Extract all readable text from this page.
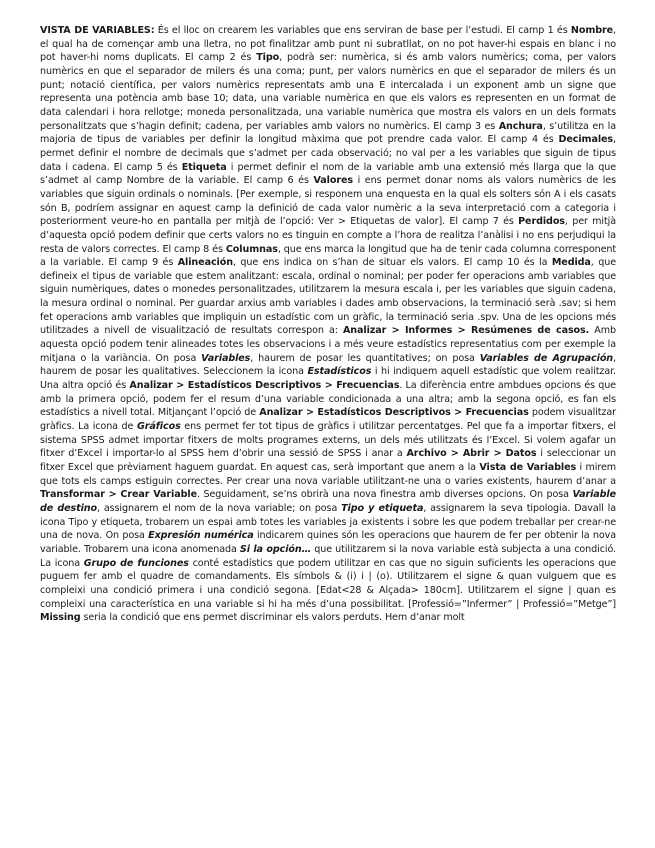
VISTA DE VARIABLES: És el lloc on crearem les variables que ens serviran de base per l’estudi. El camp 1 és Nombre, el qual ha de començar amb una lletra, no pot finalitzar amb punt ni subratllat, on no pot haver-hi espais en blanc i no pot haver-hi noms duplicats. El camp 2 és Tipo, podrà ser: numèrica, si és amb valors numèrics; coma, per valors numèrics en que el separador de milers és una coma; punt, per valors numèrics en que el separador de milers és un punt; notació científica, per valors numèrics representats amb una E intercalada i un exponent amb un signe que representa una potència amb base 10; data, una variable numèrica en que els valors es representen en un format de data calendari i hora rellotge; moneda personalitzada, una variable numèrica que mostra els valors en un dels formats personalitzats que s’hagin definit; cadena, per variables amb valors no numèrics. El camp 3 es Anchura, s’utilitza en la majoria de tipus de variables per definir la longitud màxima que pot prendre cada valor. El camp 4 és Decimales, permet definir el nombre de decimals que s’admet per cada observació; no val per a les variables que siguin de tipus data i cadena. El camp 5 és Etiqueta i permet definir el nom de la variable amb una extensió més llarga que la que s’admet al camp Nombre de la variable. El camp 6 és Valores i ens permet donar noms als valors numèrics de les variables que siguin ordinals o nominals. [Per exemple, si responem una enquesta en la qual els solters són A i els casats són B, podríem assignar en aquest camp la definició de cada valor numèric a la seva interpretació com a categoria i posteriorment veure-ho en pantalla per mitjà de l’opció: Ver > Etiquetas de valor]. El camp 7 és Perdidos, per mitjà d’aquesta opció podem definir que certs valors no es tinguin en compte a l’hora de realitza l’anàlisi i no ens perjudiqui la resta de valors correctes. El camp 8 és Columnas, que ens marca la longitud que ha de tenir cada columna corresponent a la variable. El camp 9 és Alineación, que ens indica on s’han de situar els valors. El camp 10 és la Medida, que defineix el tipus de variable que estem analitzant: escala, ordinal o nominal; per poder fer operacions amb variables que siguin numèriques, dates o monedes personalitzades, utilitzarem la mesura escala i, per les variables que siguin cadena, la mesura ordinal o nominal. Per guardar arxius amb variables i dades amb observacions, la terminació serà .sav; si hem fet operacions amb variables que impliquin un estadístic com un gràfic, la terminació seria .spv. Una de les opcions més utilitzades a nivell de visualització de resultats correspon a: Analizar > Informes > Resúmenes de casos. Amb aquesta opció podem tenir alineades totes les observacions i a més veure estadístics representatius com per exemple la mitjana o la variància. On posa Variables, haurem de posar les quantitatives; on posa Variables de Agrupación, haurem de posar les qualitatives. Seleccionem la icona Estadísticos i hi indiquem aquell estadístic que volem realitzar. Una altra opció és Analizar > Estadísticos Descriptivos > Frecuencias. La diferència entre ambdues opcions és que amb la primera opció, podem fer el resum d’una variable condicionada a una altra; amb la segona opció, es fan els estadístics a nivell total. Mitjançant l’opció de Analizar > Estadísticos Descriptivos > Frecuencias podem visualitzar gràfics. La icona de Gráficos ens permet fer tot tipus de gràfics i utilitzar percentatges. Pel que fa a importar fitxers, el sistema SPSS admet importar fitxers de molts programes externs, un dels més utilitzats és l’Excel. Si volem agafar un fitxer d’Excel i importar-lo al SPSS hem d’obrir una sessió de SPSS i anar a Archivo > Abrir > Datos i seleccionar un fitxer Excel que prèviament haguem guardat. En aquest cas, serà important que anem a la Vista de Variables i mirem que tots els camps estiguin correctes. Per crear una nova variable utilitzant-ne una o varies existents, haurem d’anar a Transformar > Crear Variable. Seguidament, se’ns obrirà una nova finestra amb diverses opcions. On posa Variable de destino, assignarem el nom de la nova variable; on posa Tipo y etiqueta, assignarem la seva tipologia. Davall la icona Tipo y etiqueta, trobarem un espai amb totes les variables ja existents i sobre les que podem treballar per crear-ne una de nova. On posa Expresión numérica indicarem quines són les operacions que haurem de fer per obtenir la nova variable. Trobarem una icona anomenada Si la opción… que utilitzarem si la nova variable està subjecta a una condició. La icona Grupo de funciones conté estadístics que podem utilitzar en cas que no siguin suficients les operacions que puguem fer amb el quadre de comandaments. Els símbols & (i) i | (o). Utilitzarem el signe & quan vulguem que es compleixi una condició primera i una condició segona. [Edat<28 & Alçada> 180cm]. Utilitzarem el signe | quan es compleixi una característica en una variable si hi ha més d’una possibilitat. [Professió=”Infermer” | Professió=”Metge”] Missing seria la condició que ens permet discriminar els valors perduts. Hem d’anar molt
